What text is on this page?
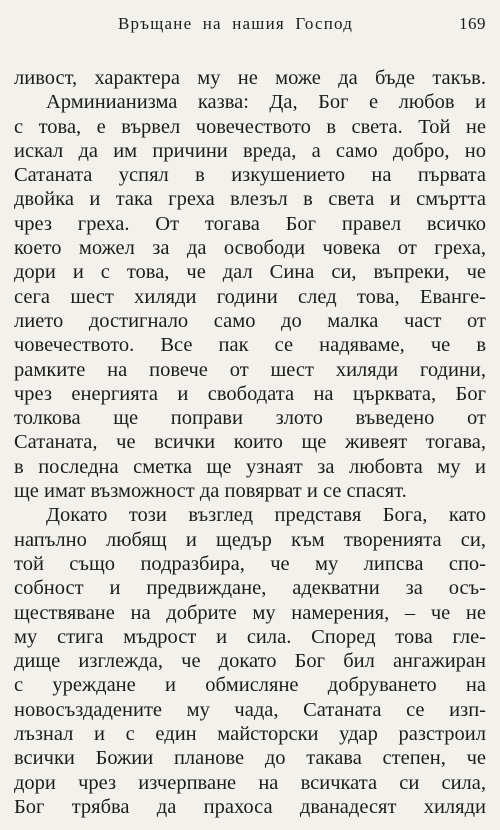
Връщане на нашия Господ	169
ливост, характера му не може да бъде такъв.
Арминианизма казва: Да, Бог е любов и
с това, е вървел човечеството в света. Той не
искал да им причини вреда, а само добро, но
Сатаната успял в изкушението на първата
двойка и така греха влезъл в света и смъртта
чрез греха. От тогава Бог правел всичко
което можел за да освободи човека от греха,
дори и с това, че дал Сина си, въпреки, че
сега шест хиляди години след това, Еванге-
лието достигнало само до малка част от
човечеството. Все пак се надяваме, че в
рамките на повече от шест хиляди години,
чрез енергията и свободата на църквата, Бог
толкова ще поправи злото въведено от
Сатаната, че всички които ще живеят тогава,
в последна сметка ще узнаят за любовта му и
ще имат възможност да повярват и се спасят.
Докато този възглед представя Бога, като
напълно любящ и щедър към творенията си,
той също подразбира, че му липсва спо-
собност и предвиждане, адекватни за осъ-
ществяване на добрите му намерения, – че не
му стига мъдрост и сила. Според това гле-
дище изглежда, че докато Бог бил ангажиран
с уреждане и обмисляне добруването на
новосъздадените му чада, Сатаната се изп-
лъзнал и с един майсторски удар разстроил
всички Божии планове до такава степен, че
дори чрез изчерпване на всичката си сила,
Бог трябва да прахоса дванадесят хиляди
